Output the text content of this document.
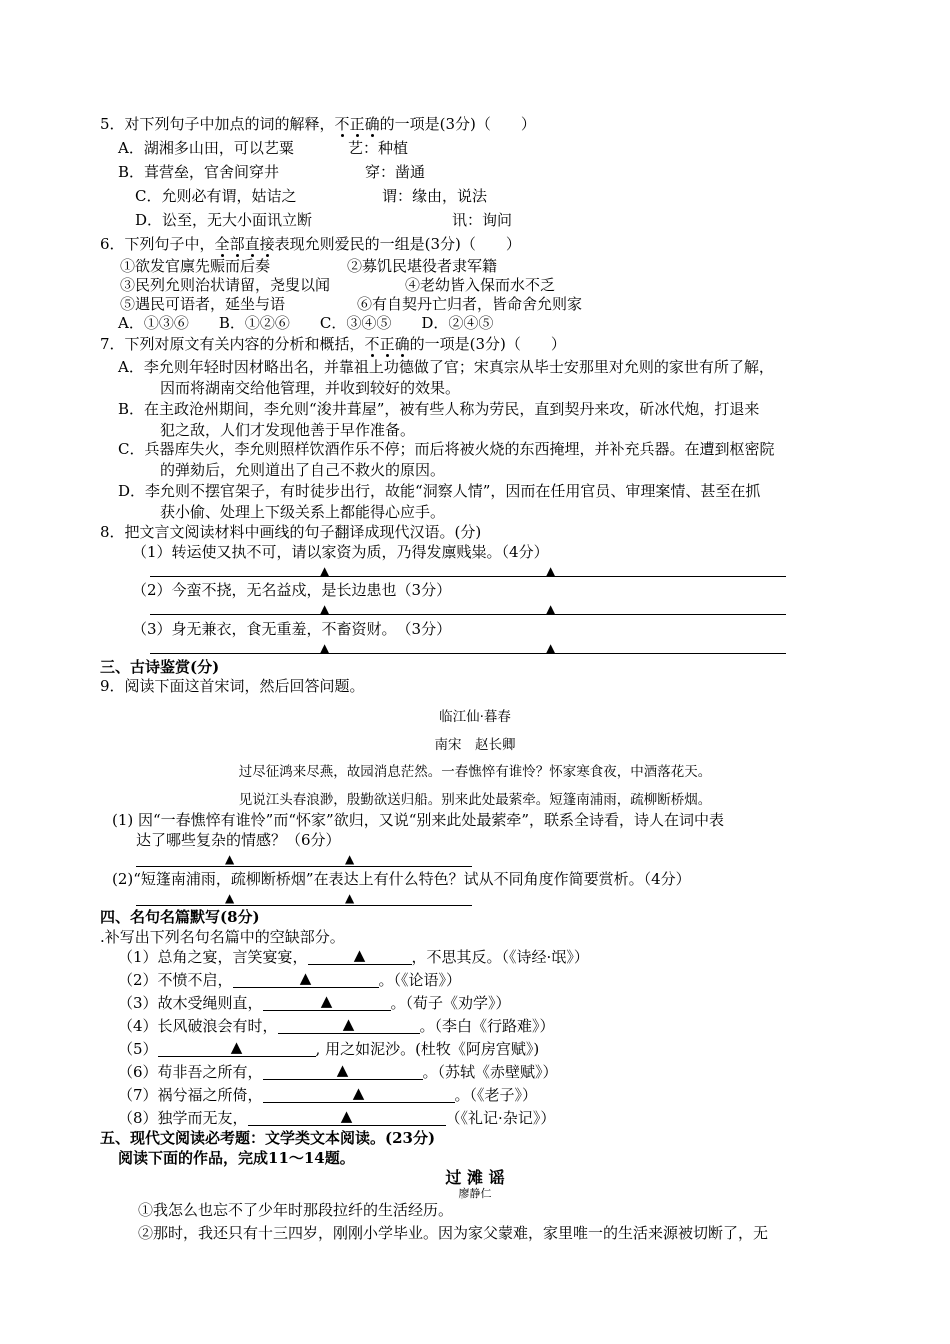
5．对下列句子中加点的词的解释，不正确的一项是(3分)（　　）
A．湖湘多山田，可以艺粟	艺：种植
B．葺营垒，官舍间穿井	穿：凿通
C．允则必有谓，姑诘之	谓：缘由，说法
D．讼至，无大小面讯立断	讯：询问
6．下列句子中，全部直接表现允则爱民的一组是(3分)（　　）
①欲发官廪先赈而后奏	②募饥民堪役者隶军籍
③民列允则治状请留，尧叟以闻	④老幼皆入保而水不乏
⑤遇民可语者，延坐与语	⑥有自契丹亡归者，皆命舍允则家
A．①③⑥　　B．①②⑥　　C．③④⑤　　D．②④⑤
7．下列对原文有关内容的分析和概括，不正确的一项是(3分)（　　）
A．李允则年轻时因材略出名，并靠祖上功德做了官；宋真宗从毕士安那里对允则的家世有所了解，
因而将湖南交给他管理，并收到较好的效果。
B．在主政沧州期间，李允则“浚井葺屋”，被有些人称为劳民，直到契丹来攻，斫冰代炮，打退来
犯之敌，人们才发现他善于早作准备。
C．兵器库失火，李允则照样饮酒作乐不停；而后将被火烧的东西掩埋，并补充兵器。在遭到枢密院
的弹劾后，允则道出了自己不救火的原因。
D．李允则不摆官架子，有时徒步出行，故能“洞察人情”，因而在任用官员、审理案情、甚至在抓
获小偷、处理上下级关系上都能得心应手。
8．把文言文阅读材料中画线的句子翻译成现代汉语。(分)
（1）转运使又执不可，请以家资为质，乃得发廪贱粜。（4分）
▲	▲
（2）今蛮不挠，无名益戍，是长边患也（3分）
▲	▲
（3）身无兼衣，食无重羞，不畜资财。　（3分）
▲	▲
三、古诗鉴赏(分)
9．阅读下面这首宋词，然后回答问题。
临江仙·暮春
南宋　赵长卿
过尽征鸿来尽燕，故园消息茫然。一春憔悴有谁怜？怀家寒食夜，中酒落花天。
见说江头春浪渺，殷勤欲送归船。别来此处最萦牵。短篷南浦雨，疏柳断桥烟。
(1) 因“一春憔悴有谁怜”而“怀家”欲归，又说“别来此处最萦牵”，联系全诗看，诗人在词中表
达了哪些复杂的情感？（6分）
▲	▲
(2)“短篷南浦雨，疏柳断桥烟”在表达上有什么特色？试从不同角度作简要赏析。（4分）
▲	▲
四、名句名篇默写(8分)
.补写出下列名句名篇中的空缺部分。
（1）总角之宴，言笑宴宴，	▲	，不思其反。（《诗经·氓》）
（2）不愤不启，	▲	。（《论语》）
（3）故木受绳则直，	▲	。（荀子《劝学》）
（4）长风破浪会有时，	▲	。（李白《行路难》）
（5）	▲	, 用之如泥沙。(杜牧《阿房宫赋》)
（6）苟非吾之所有，	▲	。（苏轼《赤壁赋》）
（7）祸兮福之所倚，	▲	。（《老子》）
（8）独学而无友，	▲	（《礼记·杂记》）
五、现代文阅读必考题：文学类文本阅读。(23分)
阅读下面的作品，完成11～14题。
过 滩 谣
廖静仁
①我怎么也忘不了少年时那段拉纤的生活经历。
②那时，我还只有十三四岁，刚刚小学毕业。因为家父蒙难，家里唯一的生活来源被切断了，无
